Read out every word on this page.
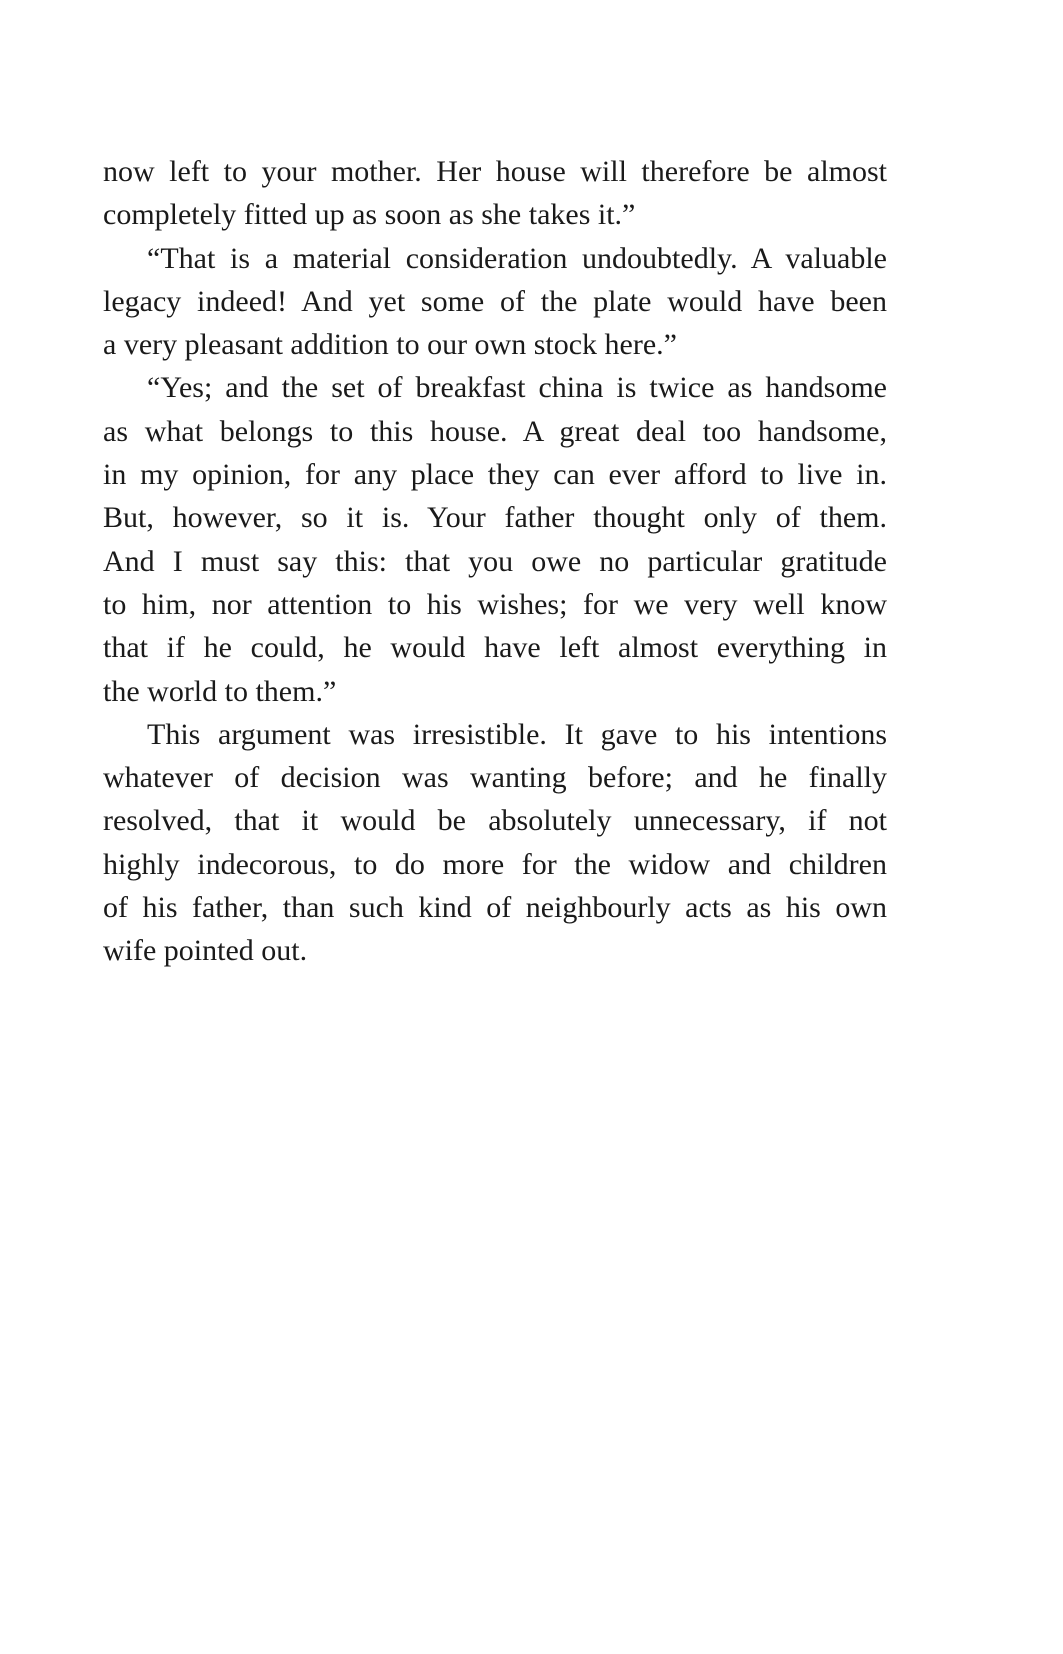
now left to your mother. Her house will therefore be almost
completely fitted up as soon as she takes it.”

“That is a material consideration undoubtedly. A valuable
legacy indeed! And yet some of the plate would have been
a very pleasant addition to our own stock here.”

“Yes; and the set of breakfast china is twice as handsome
as what belongs to this house. A great deal too handsome,
in my opinion, for any place they can ever afford to live in.
But, however, so it is. Your father thought only of them.
And I must say this: that you owe no particular gratitude
to him, nor attention to his wishes; for we very well know
that if he could, he would have left almost everything in
the world to them.”

This argument was irresistible. It gave to his intentions
whatever of decision was wanting before; and he finally
resolved, that it would be absolutely unnecessary, if not
highly indecorous, to do more for the widow and children
of his father, than such kind of neighbourly acts as his own
wife pointed out.
